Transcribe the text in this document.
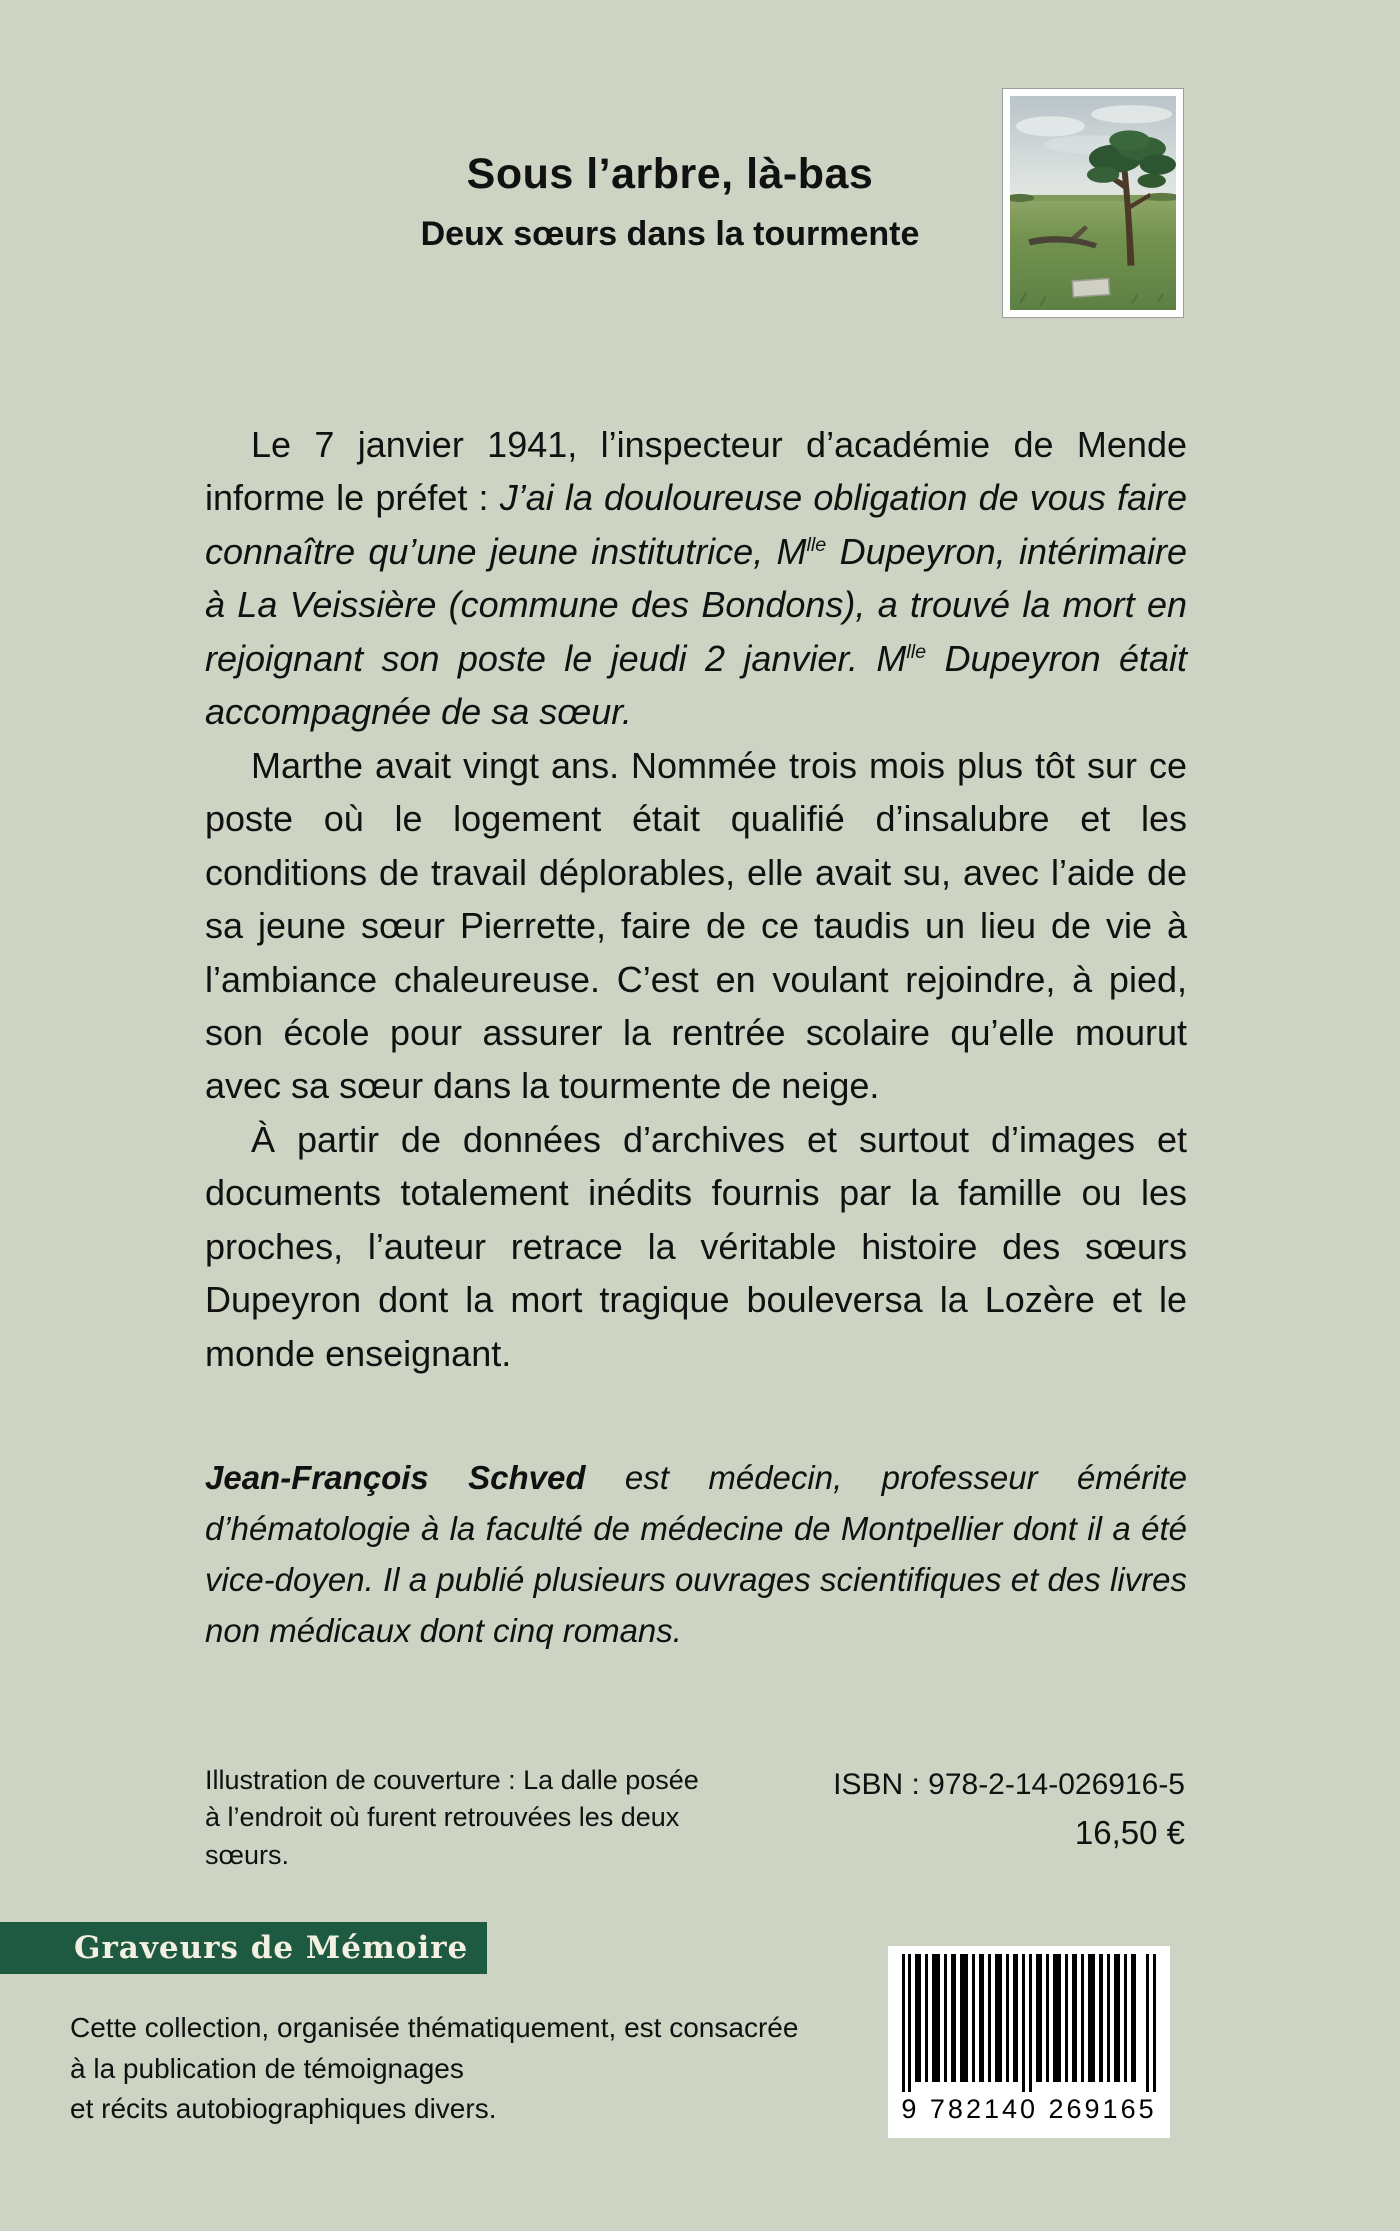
Sous l’arbre, là-bas
Deux sœurs dans la tourmente

Le 7 janvier 1941, l’inspecteur d’académie de Mende informe le préfet : J’ai la douloureuse obligation de vous faire connaître qu’une jeune institutrice, $M^{lle}$ Dupeyron, intérimaire à La Veissière (commune des Bondons), a trouvé la mort en rejoignant son poste le jeudi 2 janvier. $M^{lle}$ Dupeyron était accompagnée de sa sœur.

Marthe avait vingt ans. Nommée trois mois plus tôt sur ce poste où le logement était qualifié d’insalubre et les conditions de travail déplorables, elle avait su, avec l’aide de sa jeune sœur Pierrette, faire de ce taudis un lieu de vie à l’ambiance chaleureuse. C’est en voulant rejoindre, à pied, son école pour assurer la rentrée scolaire qu’elle mourut avec sa sœur dans la tourmente de neige.

À partir de données d’archives et surtout d’images et documents totalement inédits fournis par la famille ou les proches, l’auteur retrace la véritable histoire des sœurs Dupeyron dont la mort tragique bouleversa la Lozère et le monde enseignant.

Jean-François Schved est médecin, professeur émérite d’hématologie à la faculté de médecine de Montpellier dont il a été vice-doyen. Il a publié plusieurs ouvrages scientifiques et des livres non médicaux dont cinq romans.

Illustration de couverture : La dalle posée
à l’endroit où furent retrouvées les deux
sœurs.
ISBN : 978-2-14-026916-5
16,50 €
Graveurs de Mémoire
Cette collection, organisée thématiquement, est consacrée
à la publication de témoignages
et récits autobiographiques divers.	9 782140 269165
